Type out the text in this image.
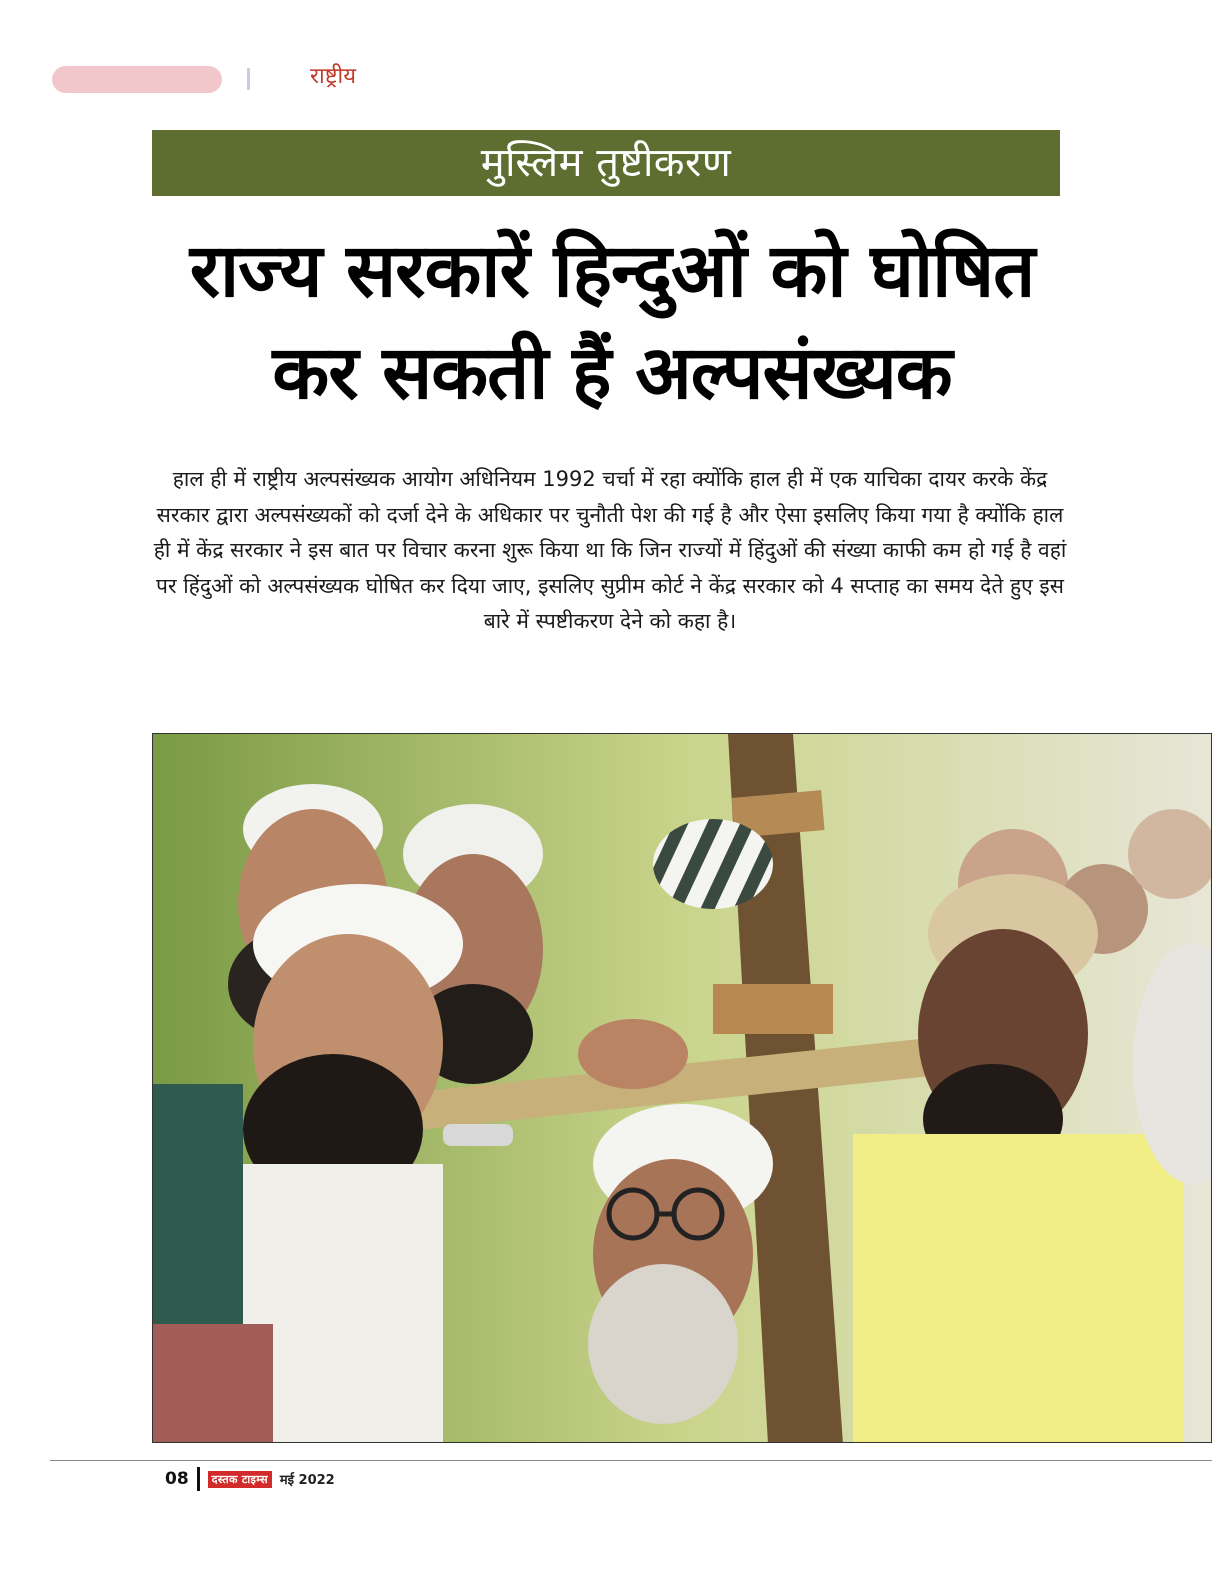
राष्ट्रीय
मुस्लिम तुष्टीकरण
राज्य सरकारें हिन्दुओं को घोषित
कर सकती हैं अल्पसंख्यक
हाल ही में राष्ट्रीय अल्पसंख्यक आयोग अधिनियम 1992 चर्चा में रहा क्योंकि हाल ही में एक याचिका दायर करके केंद्र सरकार द्वारा अल्पसंख्यकों को दर्जा देने के अधिकार पर चुनौती पेश की गई है और ऐसा इसलिए किया गया है क्योंकि हाल ही में केंद्र सरकार ने इस बात पर विचार करना शुरू किया था कि जिन राज्यों में हिंदुओं की संख्या काफी कम हो गई है वहां पर हिंदुओं को अल्पसंख्यक घोषित कर दिया जाए, इसलिए सुप्रीम कोर्ट ने केंद्र सरकार को 4 सप्ताह का समय देते हुए इस बारे में स्पष्टीकरण देने को कहा है।
08	दस्तक टाइम्स मई 2022
